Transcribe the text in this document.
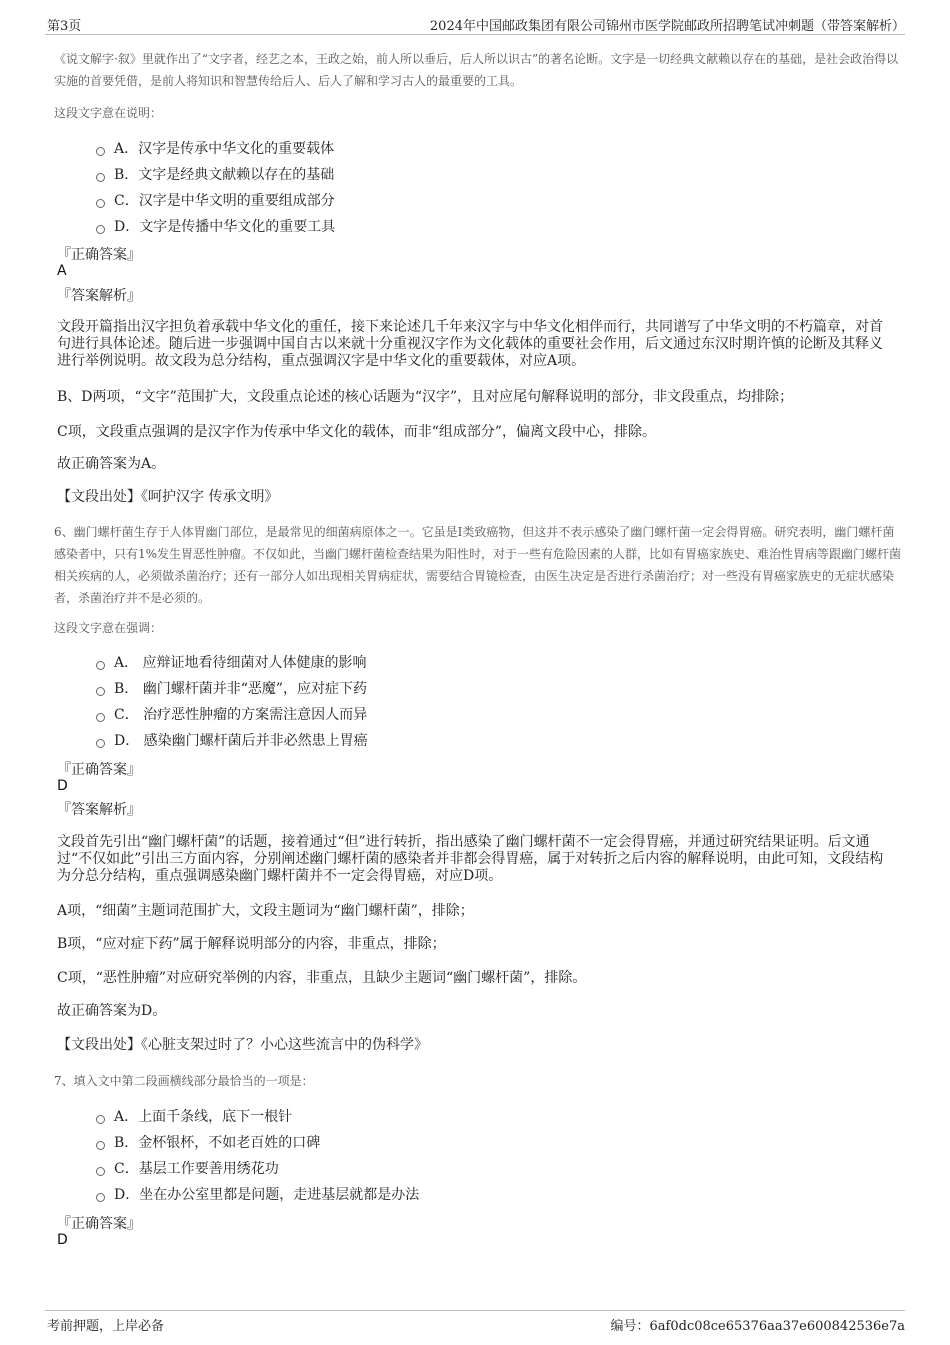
第3页	2024年中国邮政集团有限公司锦州市医学院邮政所招聘笔试冲刺题（带答案解析）
《说文解字·叙》里就作出了“文字者，经艺之本，王政之始，前人所以垂后，后人所以识古”的著名论断。文字是一切经典文献赖以存在的基础，是社会政治得以实施的首要凭借，是前人将知识和智慧传给后人、后人了解和学习古人的最重要的工具。
这段文字意在说明：
A．汉字是传承中华文化的重要载体
B．文字是经典文献赖以存在的基础
C．汉字是中华文明的重要组成部分
D．文字是传播中华文化的重要工具
『正确答案』
A
『答案解析』
文段开篇指出汉字担负着承载中华文化的重任，接下来论述几千年来汉字与中华文化相伴而行，共同谱写了中华文明的不朽篇章，对首句进行具体论述。随后进一步强调中国自古以来就十分重视汉字作为文化载体的重要社会作用，后文通过东汉时期许慎的论断及其释义进行举例说明。故文段为总分结构，重点强调汉字是中华文化的重要载体，对应A项。
B、D两项，“文字”范围扩大，文段重点论述的核心话题为“汉字”，且对应尾句解释说明的部分，非文段重点，均排除；
C项，文段重点强调的是汉字作为传承中华文化的载体，而非“组成部分”，偏离文段中心，排除。
故正确答案为A。
【文段出处】《呵护汉字 传承文明》
6、幽门螺杆菌生存于人体胃幽门部位，是最常见的细菌病原体之一。它虽是I类致癌物，但这并不表示感染了幽门螺杆菌一定会得胃癌。研究表明，幽门螺杆菌感染者中，只有1%发生胃恶性肿瘤。不仅如此，当幽门螺杆菌检查结果为阳性时，对于一些有危险因素的人群，比如有胃癌家族史、难治性胃病等跟幽门螺杆菌相关疾病的人，必须做杀菌治疗；还有一部分人如出现相关胃病症状，需要结合胃镜检查，由医生决定是否进行杀菌治疗；对一些没有胃癌家族史的无症状感染者，杀菌治疗并不是必须的。
这段文字意在强调：
A． 应辩证地看待细菌对人体健康的影响
B． 幽门螺杆菌并非“恶魔”，应对症下药
C． 治疗恶性肿瘤的方案需注意因人而异
D． 感染幽门螺杆菌后并非必然患上胃癌
『正确答案』
D
『答案解析』
文段首先引出“幽门螺杆菌”的话题，接着通过“但”进行转折，指出感染了幽门螺杆菌不一定会得胃癌，并通过研究结果证明。后文通过“不仅如此”引出三方面内容，分别阐述幽门螺杆菌的感染者并非都会得胃癌，属于对转折之后内容的解释说明，由此可知，文段结构为分总分结构，重点强调感染幽门螺杆菌并不一定会得胃癌，对应D项。
A项，“细菌”主题词范围扩大，文段主题词为“幽门螺杆菌”，排除；
B项，“应对症下药”属于解释说明部分的内容，非重点，排除；
C项，“恶性肿瘤”对应研究举例的内容，非重点，且缺少主题词“幽门螺杆菌”，排除。
故正确答案为D。
【文段出处】《心脏支架过时了？小心这些流言中的伪科学》
7、填入文中第二段画横线部分最恰当的一项是：
A．上面千条线，底下一根针
B．金杯银杯，不如老百姓的口碑
C．基层工作要善用绣花功
D．坐在办公室里都是问题，走进基层就都是办法
『正确答案』
D
考前押题，上岸必备	编号：6af0dc08ce65376aa37e600842536e7a
